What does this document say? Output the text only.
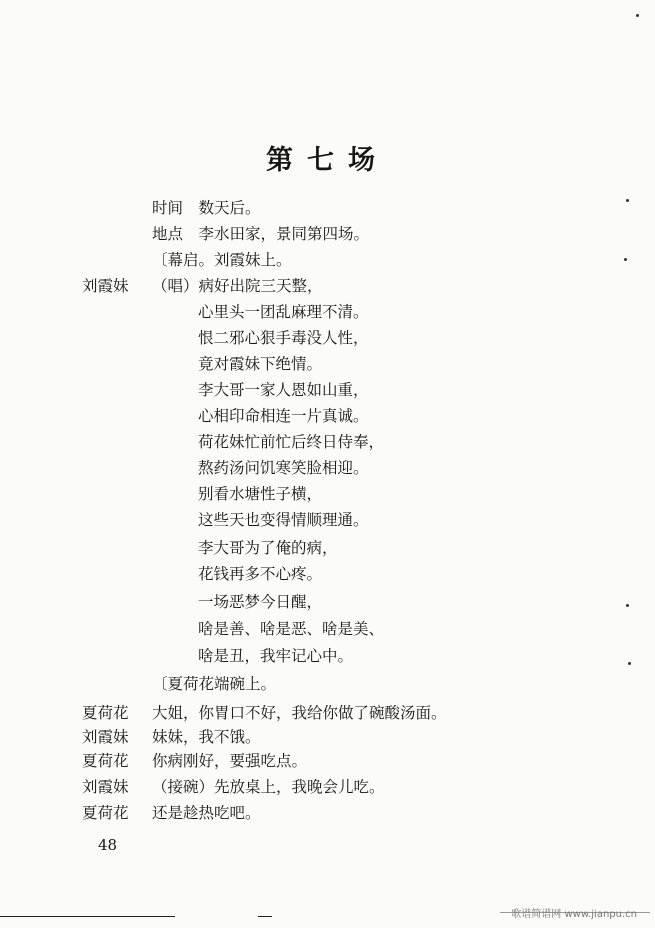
第七场
时间　数天后。
地点　李水田家，景同第四场。
〔幕启。刘霞妹上。
刘霞妹 （唱）病好出院三天整，
心里头一团乱麻理不清。
恨二邪心狠手毒没人性，
竟对霞妹下绝情。
李大哥一家人恩如山重，
心相印命相连一片真诚。
荷花妹忙前忙后终日侍奉，
熬药汤问饥寒笑脸相迎。
别看水塘性子横，
这些天也变得情顺理通。
李大哥为了俺的病，
花钱再多不心疼。
一场恶梦今日醒，
啥是善、啥是恶、啥是美、
啥是丑，我牢记心中。
〔夏荷花端碗上。
夏荷花 大姐，你胃口不好，我给你做了碗酸汤面。
刘霞妹 妹妹，我不饿。
夏荷花 你病刚好，要强吃点。
刘霞妹 （接碗）先放桌上，我晚会儿吃。
夏荷花 还是趁热吃吧。
48
歌谱简谱网 www.jianpu.cn
